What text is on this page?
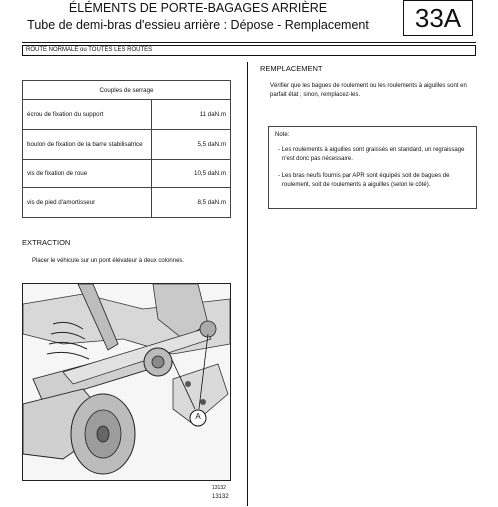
ÉLÉMENTS DE PORTE-BAGAGES ARRIÈRE
Tube de demi-bras d'essieu arrière : Dépose - Remplacement	33A
ROUTE NORMALE ou TOUTES LES ROUTES
Couples de serrage	
écrou de fixation du support	11 daN.m
boulon de fixation de la barre stabilisatrice	5,5 daN.m
vis de fixation de roue	10,5 daN.m
vis de pied d'amortisseur	8,5 daN.m
EXTRACTION
Placer le véhicule sur un pont élévateur à deux colonnes.
A
13132
13132
REMPLACEMENT
Vérifier que les bagues de roulement ou les roulements à aiguilles sont en parfait état ; sinon, remplacez-les.

Note:

- Les roulements à aiguilles sont graissés en standard, un regraissage n'est donc pas nécessaire.

- Les bras neufs fournis par APR sont équipés soit de bagues de roulement, soit de roulements à aiguilles (selon le côté).
